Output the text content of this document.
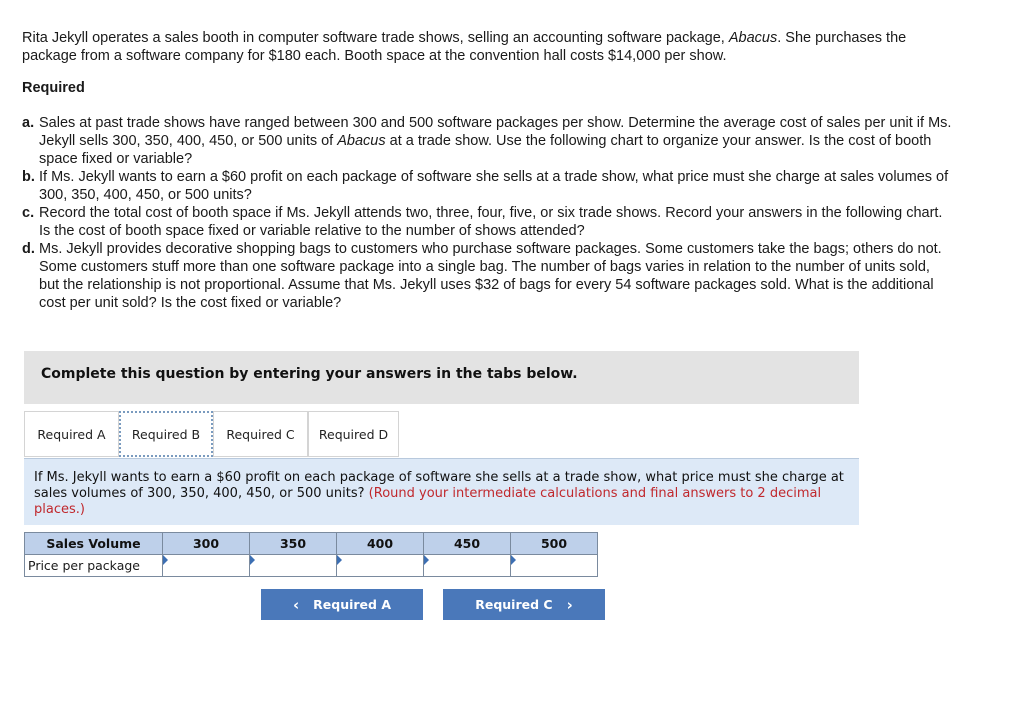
Rita Jekyll operates a sales booth in computer software trade shows, selling an accounting software package, Abacus. She purchases the package from a software company for $180 each. Booth space at the convention hall costs $14,000 per show.
Required
a. Sales at past trade shows have ranged between 300 and 500 software packages per show. Determine the average cost of sales per unit if Ms. Jekyll sells 300, 350, 400, 450, or 500 units of Abacus at a trade show. Use the following chart to organize your answer. Is the cost of booth space fixed or variable?
b. If Ms. Jekyll wants to earn a $60 profit on each package of software she sells at a trade show, what price must she charge at sales volumes of 300, 350, 400, 450, or 500 units?
c. Record the total cost of booth space if Ms. Jekyll attends two, three, four, five, or six trade shows. Record your answers in the following chart. Is the cost of booth space fixed or variable relative to the number of shows attended?
d. Ms. Jekyll provides decorative shopping bags to customers who purchase software packages. Some customers take the bags; others do not. Some customers stuff more than one software package into a single bag. The number of bags varies in relation to the number of units sold, but the relationship is not proportional. Assume that Ms. Jekyll uses $32 of bags for every 54 software packages sold. What is the additional cost per unit sold? Is the cost fixed or variable?
Complete this question by entering your answers in the tabs below.
Required A	Required B	Required C	Required D
If Ms. Jekyll wants to earn a $60 profit on each package of software she sells at a trade show, what price must she charge at sales volumes of 300, 350, 400, 450, or 500 units? (Round your intermediate calculations and final answers to 2 decimal places.)
Sales Volume	300	350	400	450	500
Price per package	

‹ Required A	Required C ›
